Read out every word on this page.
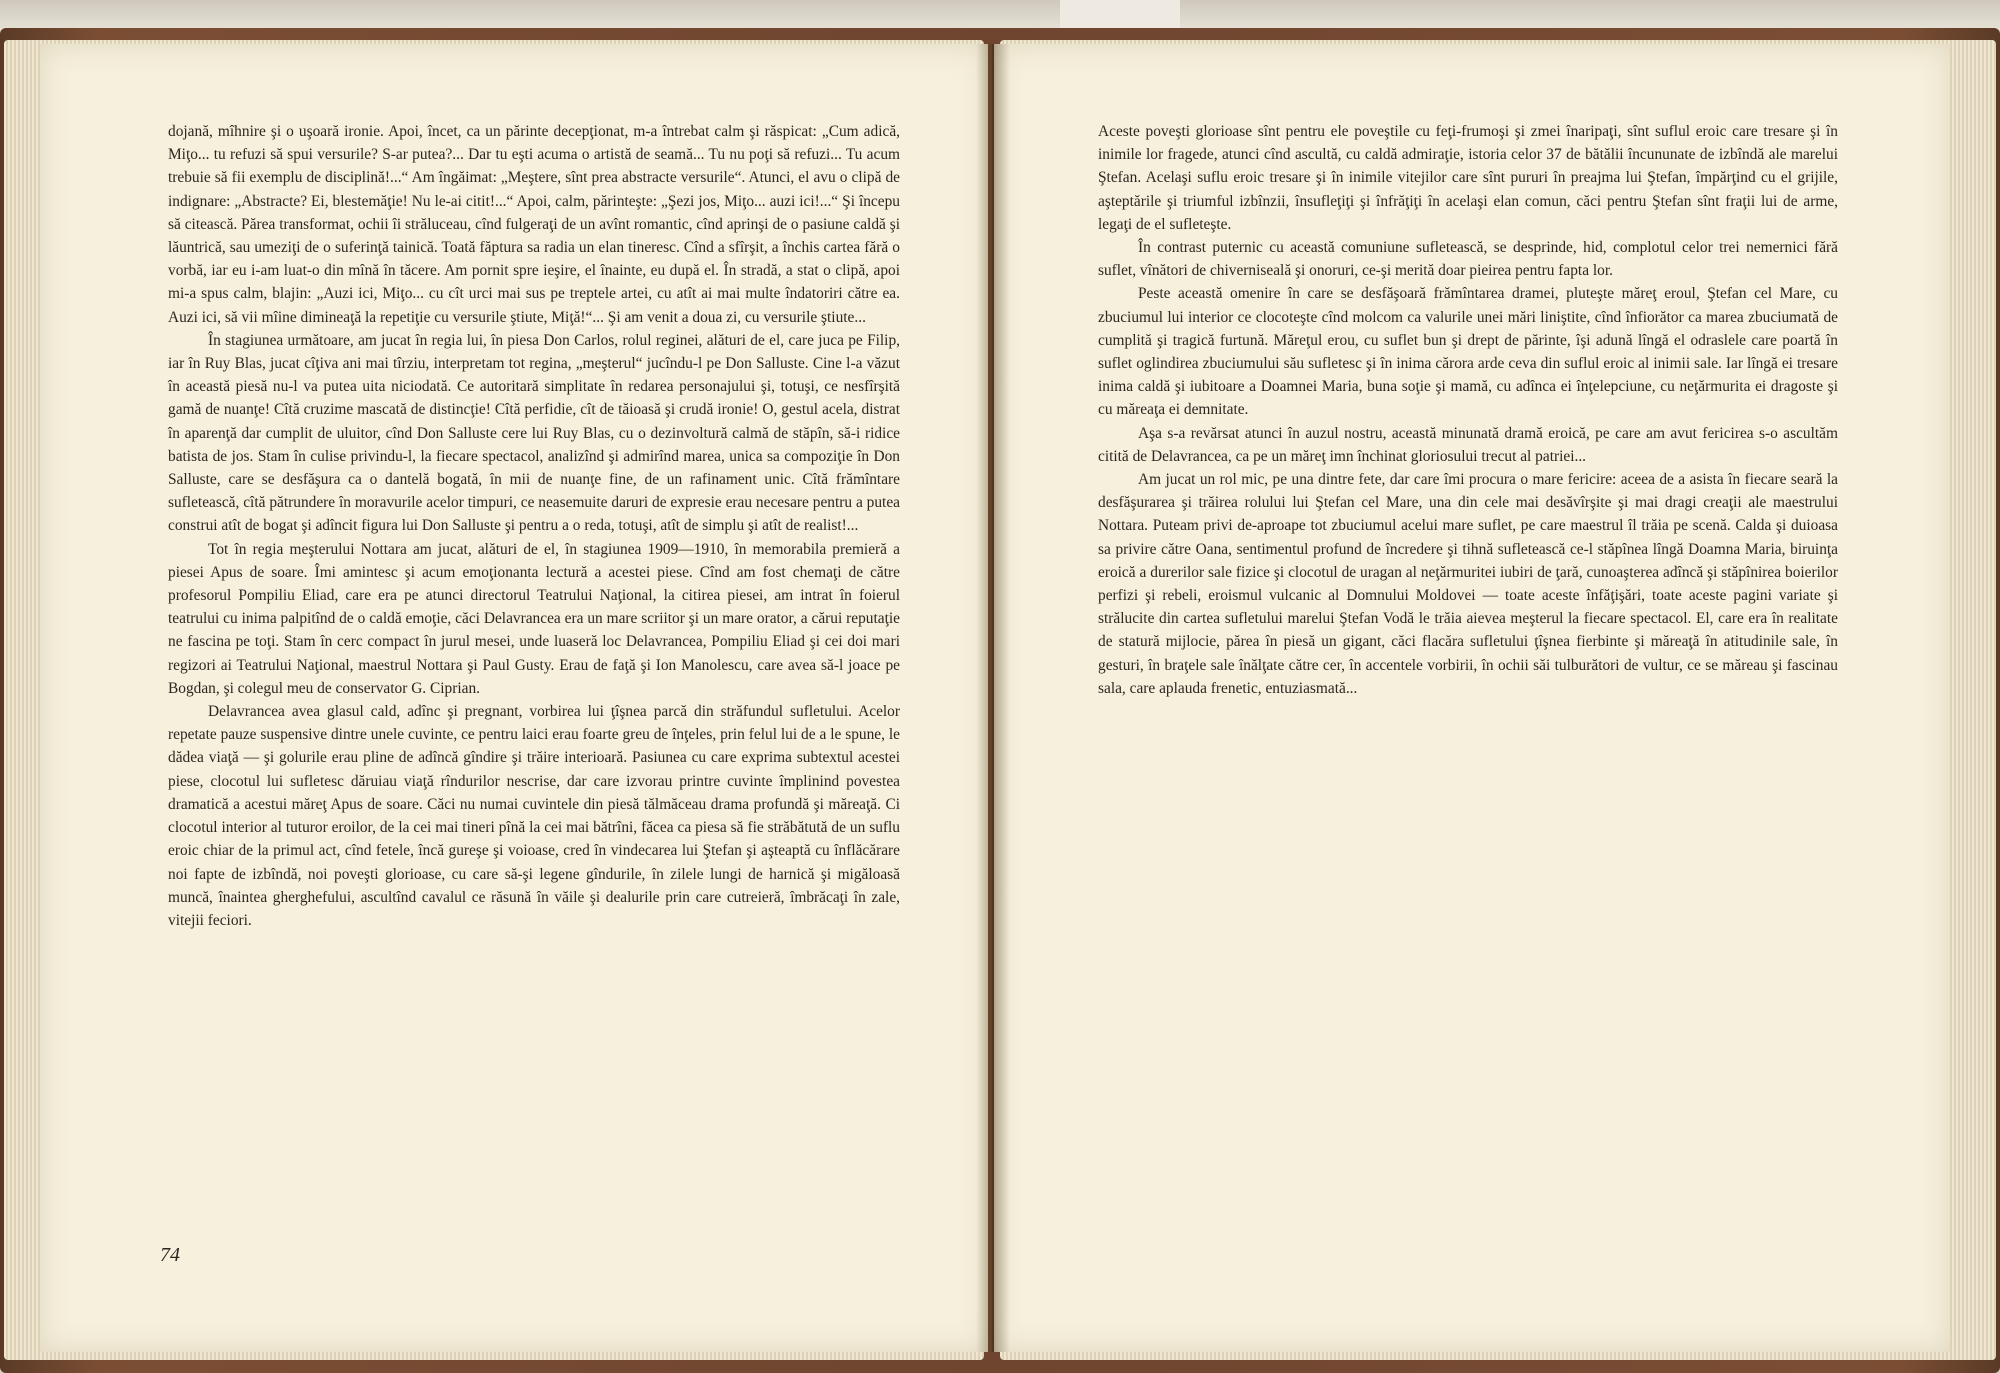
dojană, mîhnire şi o uşoară ironie. Apoi, încet, ca un părinte decepţionat, m-a întrebat calm şi răspicat: „Cum adică, Miţo... tu refuzi să spui versurile? S-ar putea?... Dar tu eşti acuma o artistă de seamă... Tu nu poţi să refuzi... Tu acum trebuie să fii exemplu de disciplină!...“ Am îngăimat: „Meştere, sînt prea abstracte versurile“. Atunci, el avu o clipă de indignare: „Abstracte? Ei, blestemăţie! Nu le-ai citit!...“ Apoi, calm, părinteşte: „Şezi jos, Miţo... auzi ici!...“ Şi începu să citească. Părea transformat, ochii îi străluceau, cînd fulgeraţi de un avînt romantic, cînd aprinşi de o pasiune caldă şi lăuntrică, sau umeziţi de o suferinţă tainică. Toată făptura sa radia un elan tineresc. Cînd a sfîrşit, a închis cartea fără o vorbă, iar eu i-am luat-o din mînă în tăcere. Am pornit spre ieşire, el înainte, eu după el. În stradă, a stat o clipă, apoi mi-a spus calm, blajin: „Auzi ici, Miţo... cu cît urci mai sus pe treptele artei, cu atît ai mai multe îndatoriri către ea. Auzi ici, să vii mîine dimineaţă la repetiţie cu versurile ştiute, Miţă!“... Şi am venit a doua zi, cu versurile ştiute...

În stagiunea următoare, am jucat în regia lui, în piesa Don Carlos, rolul reginei, alături de el, care juca pe Filip, iar în Ruy Blas, jucat cîţiva ani mai tîrziu, interpretam tot regina, „meşterul“ jucîndu-l pe Don Salluste. Cine l-a văzut în această piesă nu-l va putea uita niciodată. Ce autoritară simplitate în redarea personajului şi, totuşi, ce nesfîrşită gamă de nuanţe! Cîtă cruzime mascată de distincţie! Cîtă perfidie, cît de tăioasă şi crudă ironie! O, gestul acela, distrat în aparenţă dar cumplit de uluitor, cînd Don Salluste cere lui Ruy Blas, cu o dezinvoltură calmă de stăpîn, să-i ridice batista de jos. Stam în culise privindu-l, la fiecare spectacol, analizînd şi admirînd marea, unica sa compoziţie în Don Salluste, care se desfăşura ca o dantelă bogată, în mii de nuanţe fine, de un rafinament unic. Cîtă frămîntare sufletească, cîtă pătrundere în moravurile acelor timpuri, ce neasemuite daruri de expresie erau necesare pentru a putea construi atît de bogat şi adîncit figura lui Don Salluste şi pentru a o reda, totuşi, atît de simplu şi atît de realist!...

Tot în regia meşterului Nottara am jucat, alături de el, în stagiunea 1909—1910, în memorabila premieră a piesei Apus de soare. Îmi amintesc şi acum emoţionanta lectură a acestei piese. Cînd am fost chemaţi de către profesorul Pompiliu Eliad, care era pe atunci directorul Teatrului Naţional, la citirea piesei, am intrat în foierul teatrului cu inima palpitînd de o caldă emoţie, căci Delavrancea era un mare scriitor şi un mare orator, a cărui reputaţie ne fascina pe toţi. Stam în cerc compact în jurul mesei, unde luaseră loc Delavrancea, Pompiliu Eliad şi cei doi mari regizori ai Teatrului Naţional, maestrul Nottara şi Paul Gusty. Erau de faţă şi Ion Manolescu, care avea să-l joace pe Bogdan, şi colegul meu de conservator G. Ciprian.

Delavrancea avea glasul cald, adînc şi pregnant, vorbirea lui ţîşnea parcă din străfundul sufletului. Acelor repetate pauze suspensive dintre unele cuvinte, ce pentru laici erau foarte greu de înţeles, prin felul lui de a le spune, le dădea viaţă — şi golurile erau pline de adîncă gîndire şi trăire interioară. Pasiunea cu care exprima subtextul acestei piese, clocotul lui sufletesc dăruiau viaţă rîndurilor nescrise, dar care izvorau printre cuvinte împlinind povestea dramatică a acestui măreţ Apus de soare. Căci nu numai cuvintele din piesă tălmăceau drama profundă şi măreaţă. Ci clocotul interior al tuturor eroilor, de la cei mai tineri pînă la cei mai bătrîni, făcea ca piesa să fie străbătută de un suflu eroic chiar de la primul act, cînd fetele, încă gureşe şi voioase, cred în vindecarea lui Ştefan şi aşteaptă cu înflăcărare noi fapte de izbîndă, noi poveşti glorioase, cu care să-şi legene gîndurile, în zilele lungi de harnică şi migăloasă muncă, înaintea gherghefului, ascultînd cavalul ce răsună în văile şi dealurile prin care cutreieră, îmbrăcaţi în zale, vitejii feciori.

74

Aceste poveşti glorioase sînt pentru ele poveştile cu feţi-frumoşi şi zmei înaripaţi, sînt suflul eroic care tresare şi în inimile lor fragede, atunci cînd ascultă, cu caldă admiraţie, istoria celor 37 de bătălii încununate de izbîndă ale marelui Ştefan. Acelaşi suflu eroic tresare şi în inimile vitejilor care sînt pururi în preajma lui Ştefan, împărţind cu el grijile, aşteptările şi triumful izbînzii, însufleţiţi şi înfrăţiţi în acelaşi elan comun, căci pentru Ştefan sînt fraţii lui de arme, legaţi de el sufleteşte.

În contrast puternic cu această comuniune sufletească, se desprinde, hid, complotul celor trei nemernici fără suflet, vînători de chiverniseală şi onoruri, ce-şi merită doar pieirea pentru fapta lor.

Peste această omenire în care se desfăşoară frămîntarea dramei, pluteşte măreţ eroul, Ştefan cel Mare, cu zbuciumul lui interior ce clocoteşte cînd molcom ca valurile unei mări liniştite, cînd înfiorător ca marea zbuciumată de cumplită şi tragică furtună. Măreţul erou, cu suflet bun şi drept de părinte, îşi adună lîngă el odraslele care poartă în suflet oglindirea zbuciumului său sufletesc şi în inima cărora arde ceva din suflul eroic al inimii sale. Iar lîngă ei tresare inima caldă şi iubitoare a Doamnei Maria, buna soţie şi mamă, cu adînca ei înţelepciune, cu neţărmurita ei dragoste şi cu măreaţa ei demnitate.

Aşa s-a revărsat atunci în auzul nostru, această minunată dramă eroică, pe care am avut fericirea s-o ascultăm citită de Delavrancea, ca pe un măreţ imn închinat gloriosului trecut al patriei...

Am jucat un rol mic, pe una dintre fete, dar care îmi procura o mare fericire: aceea de a asista în fiecare seară la desfăşurarea şi trăirea rolului lui Ştefan cel Mare, una din cele mai desăvîrşite şi mai dragi creaţii ale maestrului Nottara. Puteam privi de-aproape tot zbuciumul acelui mare suflet, pe care maestrul îl trăia pe scenă. Calda şi duioasa sa privire către Oana, sentimentul profund de încredere şi tihnă sufletească ce-l stăpînea lîngă Doamna Maria, biruinţa eroică a durerilor sale fizice şi clocotul de uragan al neţărmuritei iubiri de ţară, cunoaşterea adîncă şi stăpînirea boierilor perfizi şi rebeli, eroismul vulcanic al Domnului Moldovei — toate aceste înfăţişări, toate aceste pagini variate şi strălucite din cartea sufletului marelui Ştefan Vodă le trăia aievea meşterul la fiecare spectacol. El, care era în realitate de statură mijlocie, părea în piesă un gigant, căci flacăra sufletului ţîşnea fierbinte şi măreaţă în atitudinile sale, în gesturi, în braţele sale înălţate către cer, în accentele vorbirii, în ochii săi tulburători de vultur, ce se măreau şi fascinau sala, care aplauda frenetic, entuziasmată...
